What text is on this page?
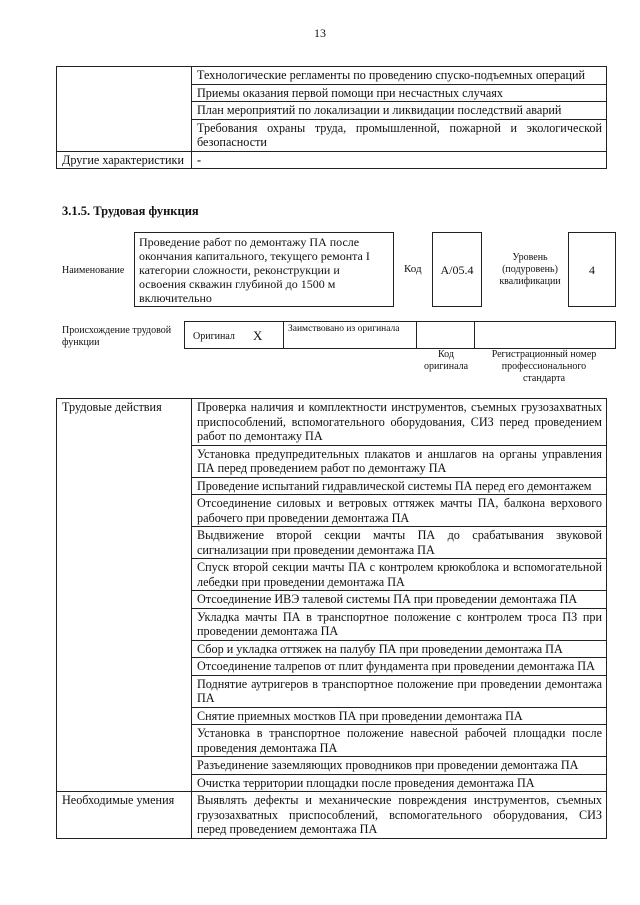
13
	Технологические регламенты по проведению спуско-подъемных операций
	Приемы оказания первой помощи при несчастных случаях
	План мероприятий по локализации и ликвидации последствий аварий
	Требования охраны труда, промышленной, пожарной и экологической безопасности
Другие характеристики	-
3.1.5. Трудовая функция
Наименование
Проведение работ по демонтажу ПА после окончания капитального, текущего ремонта I категории сложности, реконструкции и освоения скважин глубиной до 1500 м включительно
Код	A/05.4
Уровень (подуровень) квалификации
4
Происхождение трудовой функции
Оригинал X	Заимствовано из оригинала
Код оригинала
Регистрационный номер профессионального стандарта
Трудовые действия	Проверка наличия и комплектности инструментов, съемных грузозахватных приспособлений, вспомогательного оборудования, СИЗ перед проведением работ по демонтажу ПА
	Установка предупредительных плакатов и аншлагов на органы управления ПА перед проведением работ по демонтажу ПА
	Проведение испытаний гидравлической системы ПА перед его демонтажем
	Отсоединение силовых и ветровых оттяжек мачты ПА, балкона верхового рабочего при проведении демонтажа ПА
	Выдвижение второй секции мачты ПА до срабатывания звуковой сигнализации при проведении демонтажа ПА
	Спуск второй секции мачты ПА с контролем крюкоблока и вспомогательной лебедки при проведении демонтажа ПА
	Отсоединение ИВЭ талевой системы ПА при проведении демонтажа ПА
	Укладка мачты ПА в транспортное положение с контролем троса ПЗ при проведении демонтажа ПА
	Сбор и укладка оттяжек на палубу ПА при проведении демонтажа ПА
	Отсоединение талрепов от плит фундамента при проведении демонтажа ПА
	Поднятие аутригеров в транспортное положение при проведении демонтажа ПА
	Снятие приемных мостков ПА при проведении демонтажа ПА
	Установка в транспортное положение навесной рабочей площадки после проведения демонтажа ПА
	Разъединение заземляющих проводников при проведении демонтажа ПА
	Очистка территории площадки после проведения демонтажа ПА
Необходимые умения	Выявлять дефекты и механические повреждения инструментов, съемных грузозахватных приспособлений, вспомогательного оборудования, СИЗ перед проведением демонтажа ПА
